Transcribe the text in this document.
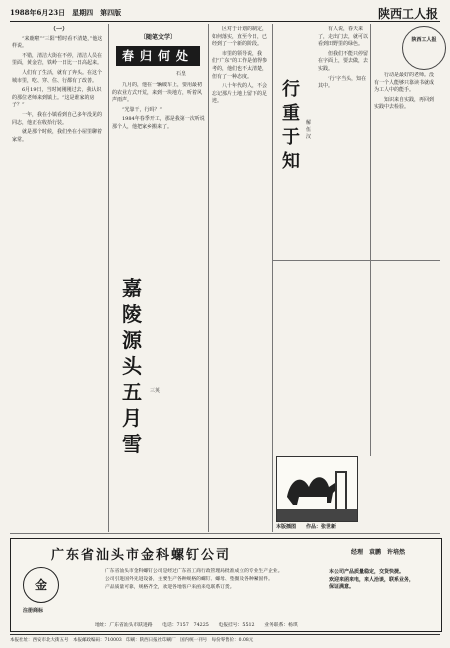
1988年6月23日　星期四　第四版	陕西工人报

（一）

“来鹿啦”“三阳”暂时看不清楚，”他这样说。

不错，清洁大街在不停，清洁人员在里面，黄金岩，铁岭一日比一日高起来。

人们有了生活，就有了奔头。在这个城市里，吃、穿、住、行都有了改善。

6月19日，当时间刚刚过去，我认识的那位老师来到镇上。“这是谁家的房子？”

一年，我在小镇看到自己多年没见的同志，他正在收拾行装。

就是那个时候，我们坐在小屋里聊着家常。

〔随笔文学〕
春归何处
石皇

九月的，他在一辆破车上，要用最初的农业方式开荒，来到一块地方，听着风声雨声。

“光靠干，行吗？”

1984年春季开工，那是我第一次听说那个人，他把家乡搬来了。

嘉陵源头五月雪
三英

区对于计划的制定，如何落实，直至今日，已经到了一个新的阶段。

市里的领导说，我们“广东”的工作是值得参考的，他们也不太清楚，但有了一种态度。

八十年代的人，不会忘记那片土地上留下的足迹。

行重于知
解伍汉

有人说，春天来了，走出门去，就可以看到田野里的绿色。

但我们不能只停留在字面上，要去做，去实践。

‘行’字当头，知在其中。

陕西工人报

行动是最好的老师。没有一个人能够只靠读书就成为工人中的能手。

知识来自实践，再回到实践中去检验。

本版插图　　作品：张世新
广东省汕头市金科螺钉公司	经理　袁鹏　许培然
金
注册商标

广东省汕头市金科螺钉公司是经过广东省工商行政管理局批准成立的专业生产企业。

公司引进国外先进设备，主要生产各种规格的螺钉、螺母、垫圈及各种紧固件。

产品质量可靠，规格齐全，欢迎各地客户来函来电联系订货。

本公司产品质量稳定，交货快捷。
欢迎来函来电，来人洽谈，联系业务，
保证满意。
地址：广东省汕头市跃进路　　电话：7157　74225　　电报挂号：5512　　业务联系：杨琪
本报社址：西安市北大街五号　本报邮政编码：710003　印刷：陕西日报社印刷厂　国内统一刊号　每份零售价：0.08元
